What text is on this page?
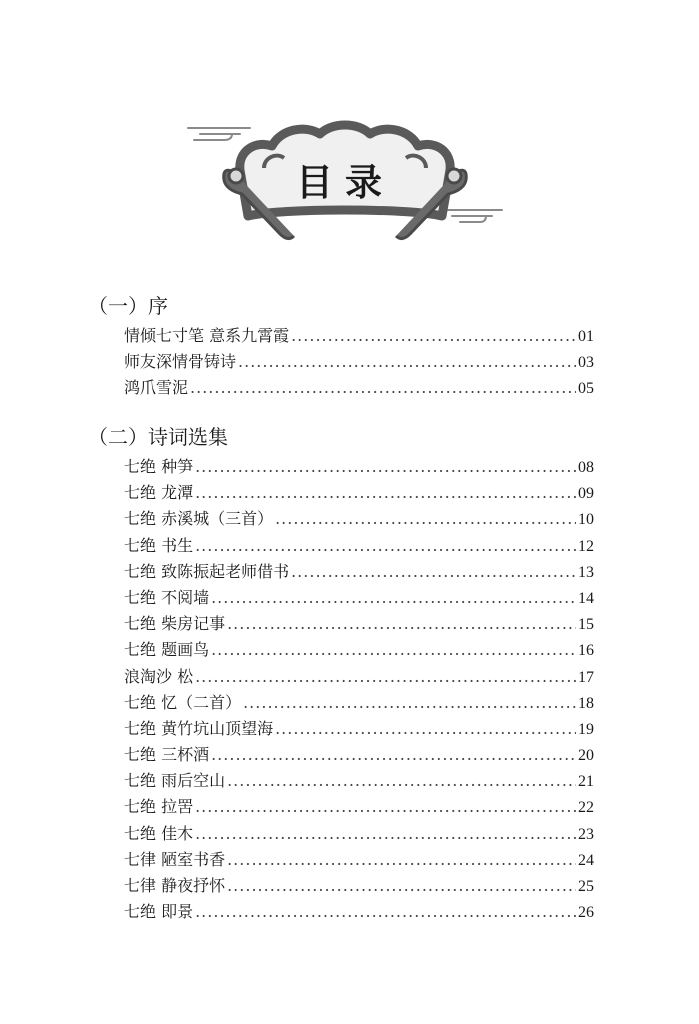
目录
（一）序
情倾七寸笔 意系九霄霞 .....	01
师友深情骨铸诗 .....	03
鸿爪雪泥 .....	05
（二）诗词选集
七绝 种笋 .....	08
七绝 龙潭 .....	09
七绝 赤溪城（三首） .....	10
七绝 书生 .....	12
七绝 致陈振起老师借书 .....	13
七绝 不阅墙 .....	14
七绝 柴房记事 .....	15
七绝 题画鸟 .....	16
浪淘沙 松 .....	17
七绝 忆（二首） .....	18
七绝 黄竹坑山顶望海 .....	19
七绝 三杯酒 .....	20
七绝 雨后空山 .....	21
七绝 拉罟 .....	22
七绝 佳木 .....	23
七律 陋室书香 .....	24
七律 静夜抒怀 .....	25
七绝 即景 .....	26
